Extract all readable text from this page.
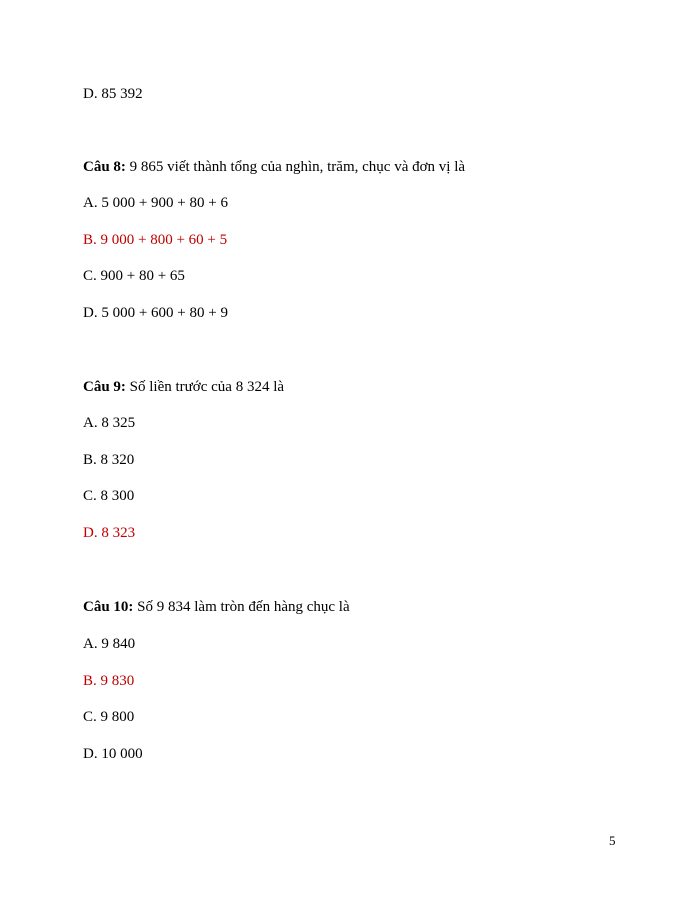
D. 85 392
Câu 8: 9 865 viết thành tổng của nghìn, trăm, chục và đơn vị là
A. 5 000 + 900 + 80 + 6
B. 9 000 + 800 + 60 + 5
C. 900 + 80 + 65
D. 5 000 + 600 + 80 + 9
Câu 9: Số liền trước của 8 324 là
A. 8 325
B. 8 320
C. 8 300
D. 8 323
Câu 10: Số 9 834 làm tròn đến hàng chục là
A. 9 840
B. 9 830
C. 9 800
D. 10 000
5
